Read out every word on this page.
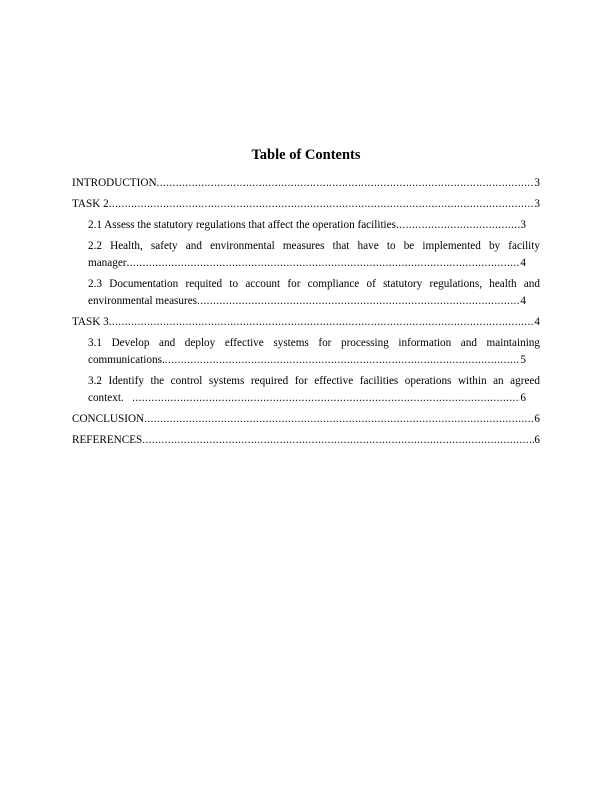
Table of Contents
INTRODUCTION .....	3
TASK 2 .....	3
2.1 Assess the statutory regulations that affect the operation facilities .....	3
2.2 Health, safety and environmental measures that have to be implemented by facility
manager .....	4
2.3 Documentation requited to account for compliance of statutory regulations, health and
environmental measures .....	4
TASK 3 .....	4
3.1 Develop and deploy effective systems for processing information and maintaining
communications. .....	5
3.2 Identify the control systems required for effective facilities operations within an agreed
context. .....	6
CONCLUSION .....	6
REFERENCES .....	6
